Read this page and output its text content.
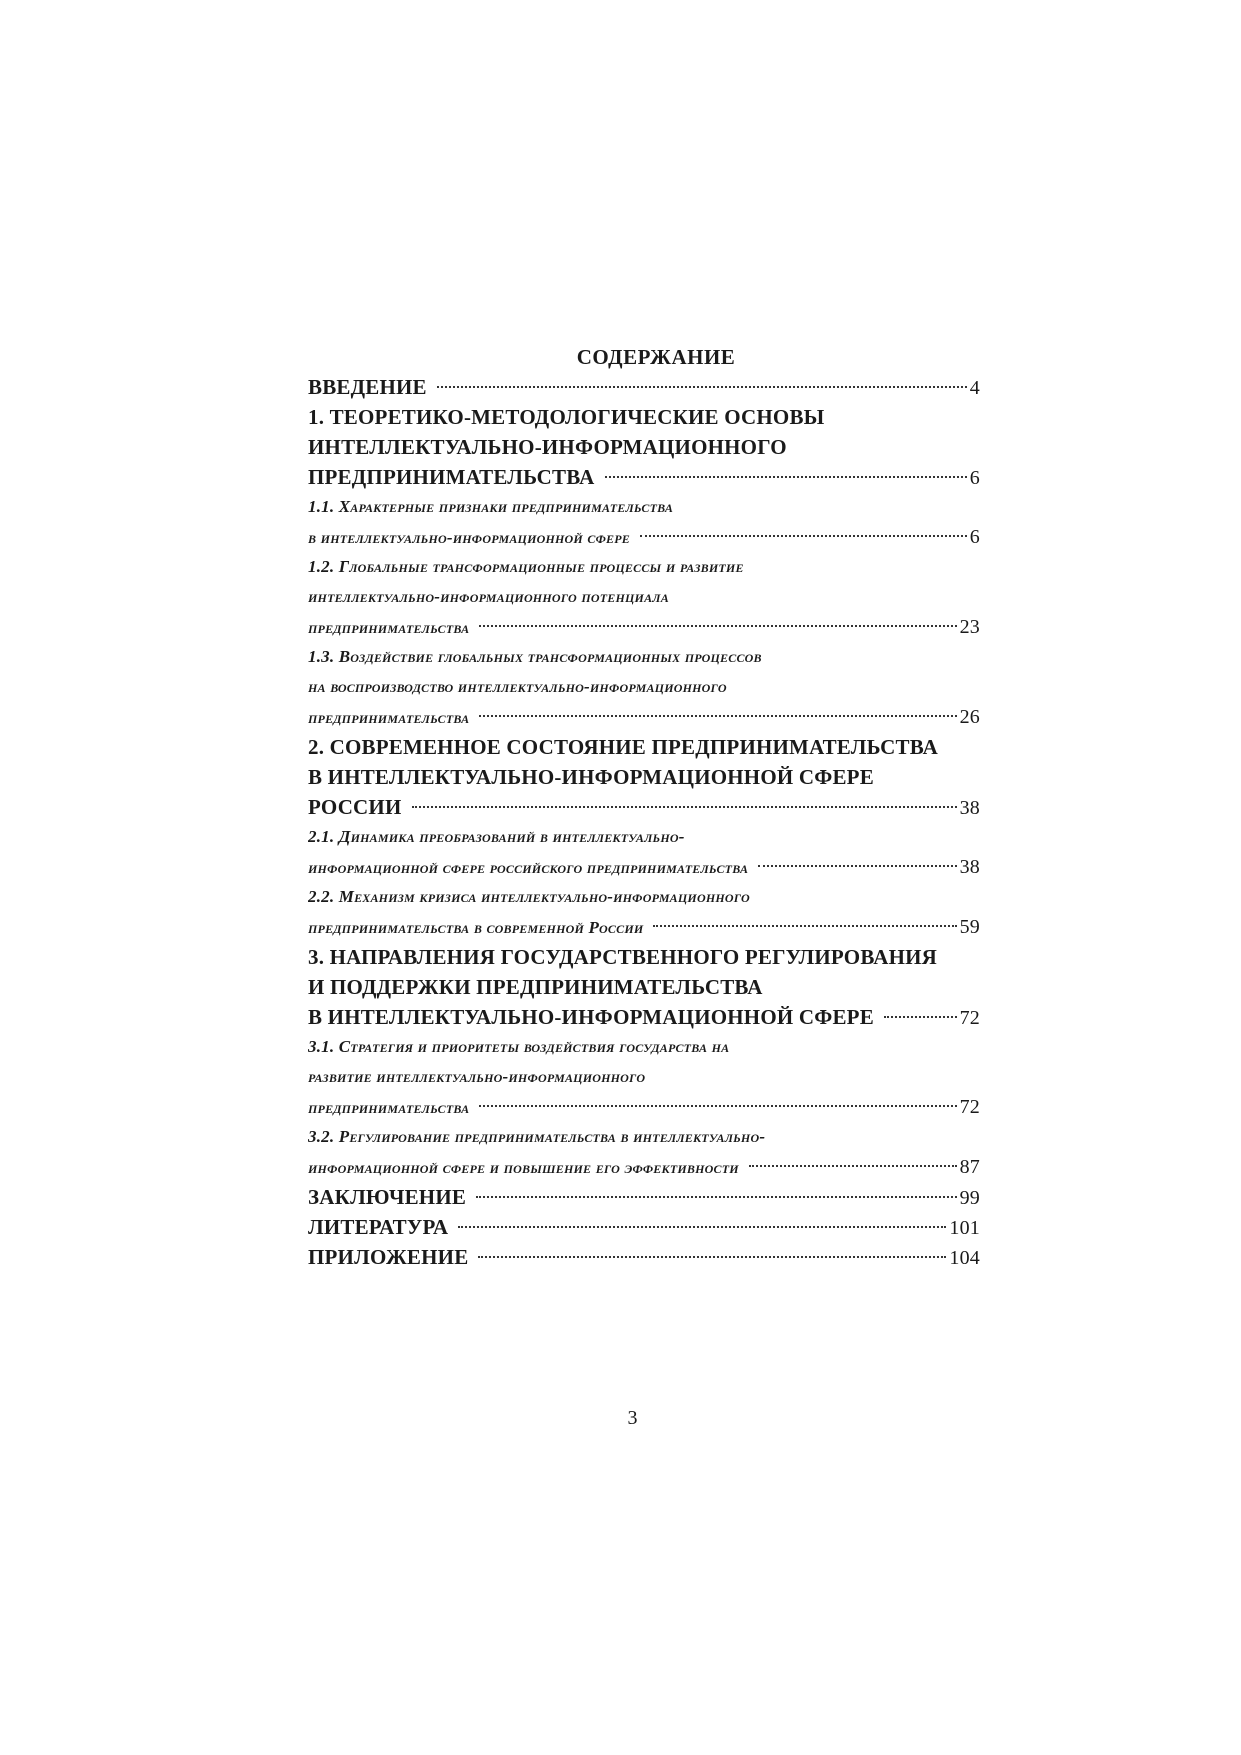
СОДЕРЖАНИЕ
ВВЕДЕНИЕ	4
1. ТЕОРЕТИКО-МЕТОДОЛОГИЧЕСКИЕ ОСНОВЫ
ИНТЕЛЛЕКТУАЛЬНО-ИНФОРМАЦИОННОГО
ПРЕДПРИНИМАТЕЛЬСТВА	6
1.1. Характерные признаки предпринимательства
в интеллектуально-информационной сфере	6
1.2. Глобальные трансформационные процессы и развитие
интеллектуально-информационного потенциала
предпринимательства	23
1.3. Воздействие глобальных трансформационных процессов
на воспроизводство интеллектуально-информационного
предпринимательства	26
2. СОВРЕМЕННОЕ СОСТОЯНИЕ ПРЕДПРИНИМАТЕЛЬСТВА
В ИНТЕЛЛЕКТУАЛЬНО-ИНФОРМАЦИОННОЙ СФЕРЕ
РОССИИ	38
2.1. Динамика преобразований в интеллектуально-
информационной сфере российского предпринимательства	38
2.2. Механизм кризиса интеллектуально-информационного
предпринимательства в современной России	59
3. НАПРАВЛЕНИЯ ГОСУДАРСТВЕННОГО РЕГУЛИРОВАНИЯ
И ПОДДЕРЖКИ ПРЕДПРИНИМАТЕЛЬСТВА
В ИНТЕЛЛЕКТУАЛЬНО-ИНФОРМАЦИОННОЙ СФЕРЕ	72
3.1. Стратегия и приоритеты воздействия государства на
развитие интеллектуально-информационного
предпринимательства	72
3.2. Регулирование предпринимательства в интеллектуально-
информационной сфере и повышение его эффективности	87
ЗАКЛЮЧЕНИЕ	99
ЛИТЕРАТУРА	101
ПРИЛОЖЕНИЕ	104
3
